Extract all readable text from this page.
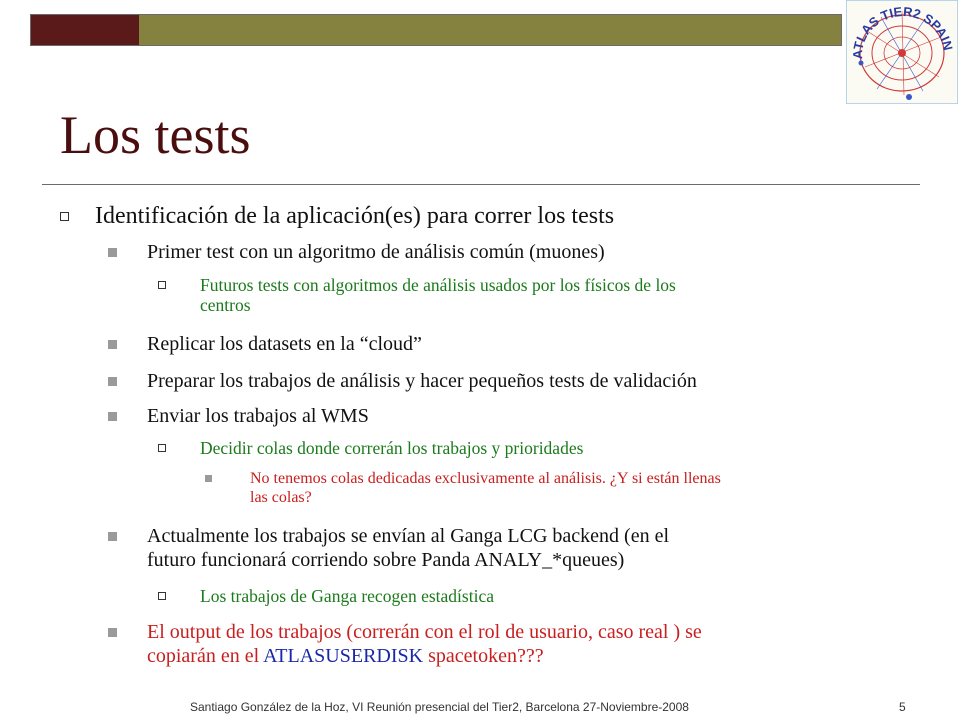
ATLAS TIER2 SPAIN
Los tests
Identificación de la aplicación(es) para correr los tests
Primer test con un algoritmo de análisis común (muones)
Futuros tests con algoritmos de análisis usados por los físicos de los
centros
Replicar los datasets en la “cloud”
Preparar los trabajos de análisis y hacer pequeños tests de validación
Enviar los trabajos al WMS
Decidir colas donde correrán los trabajos y prioridades
No tenemos colas dedicadas exclusivamente al análisis. ¿Y si están llenas
las colas?
Actualmente los trabajos se envían al Ganga LCG backend (en el
futuro funcionará corriendo sobre Panda ANALY_*queues)
Los trabajos de Ganga recogen estadística
El output de los trabajos (correrán con el rol de usuario, caso real ) se
copiarán en el ATLASUSERDISK spacetoken???
Santiago González de la Hoz, VI Reunión presencial del Tier2, Barcelona 27-Noviembre-2008	5
